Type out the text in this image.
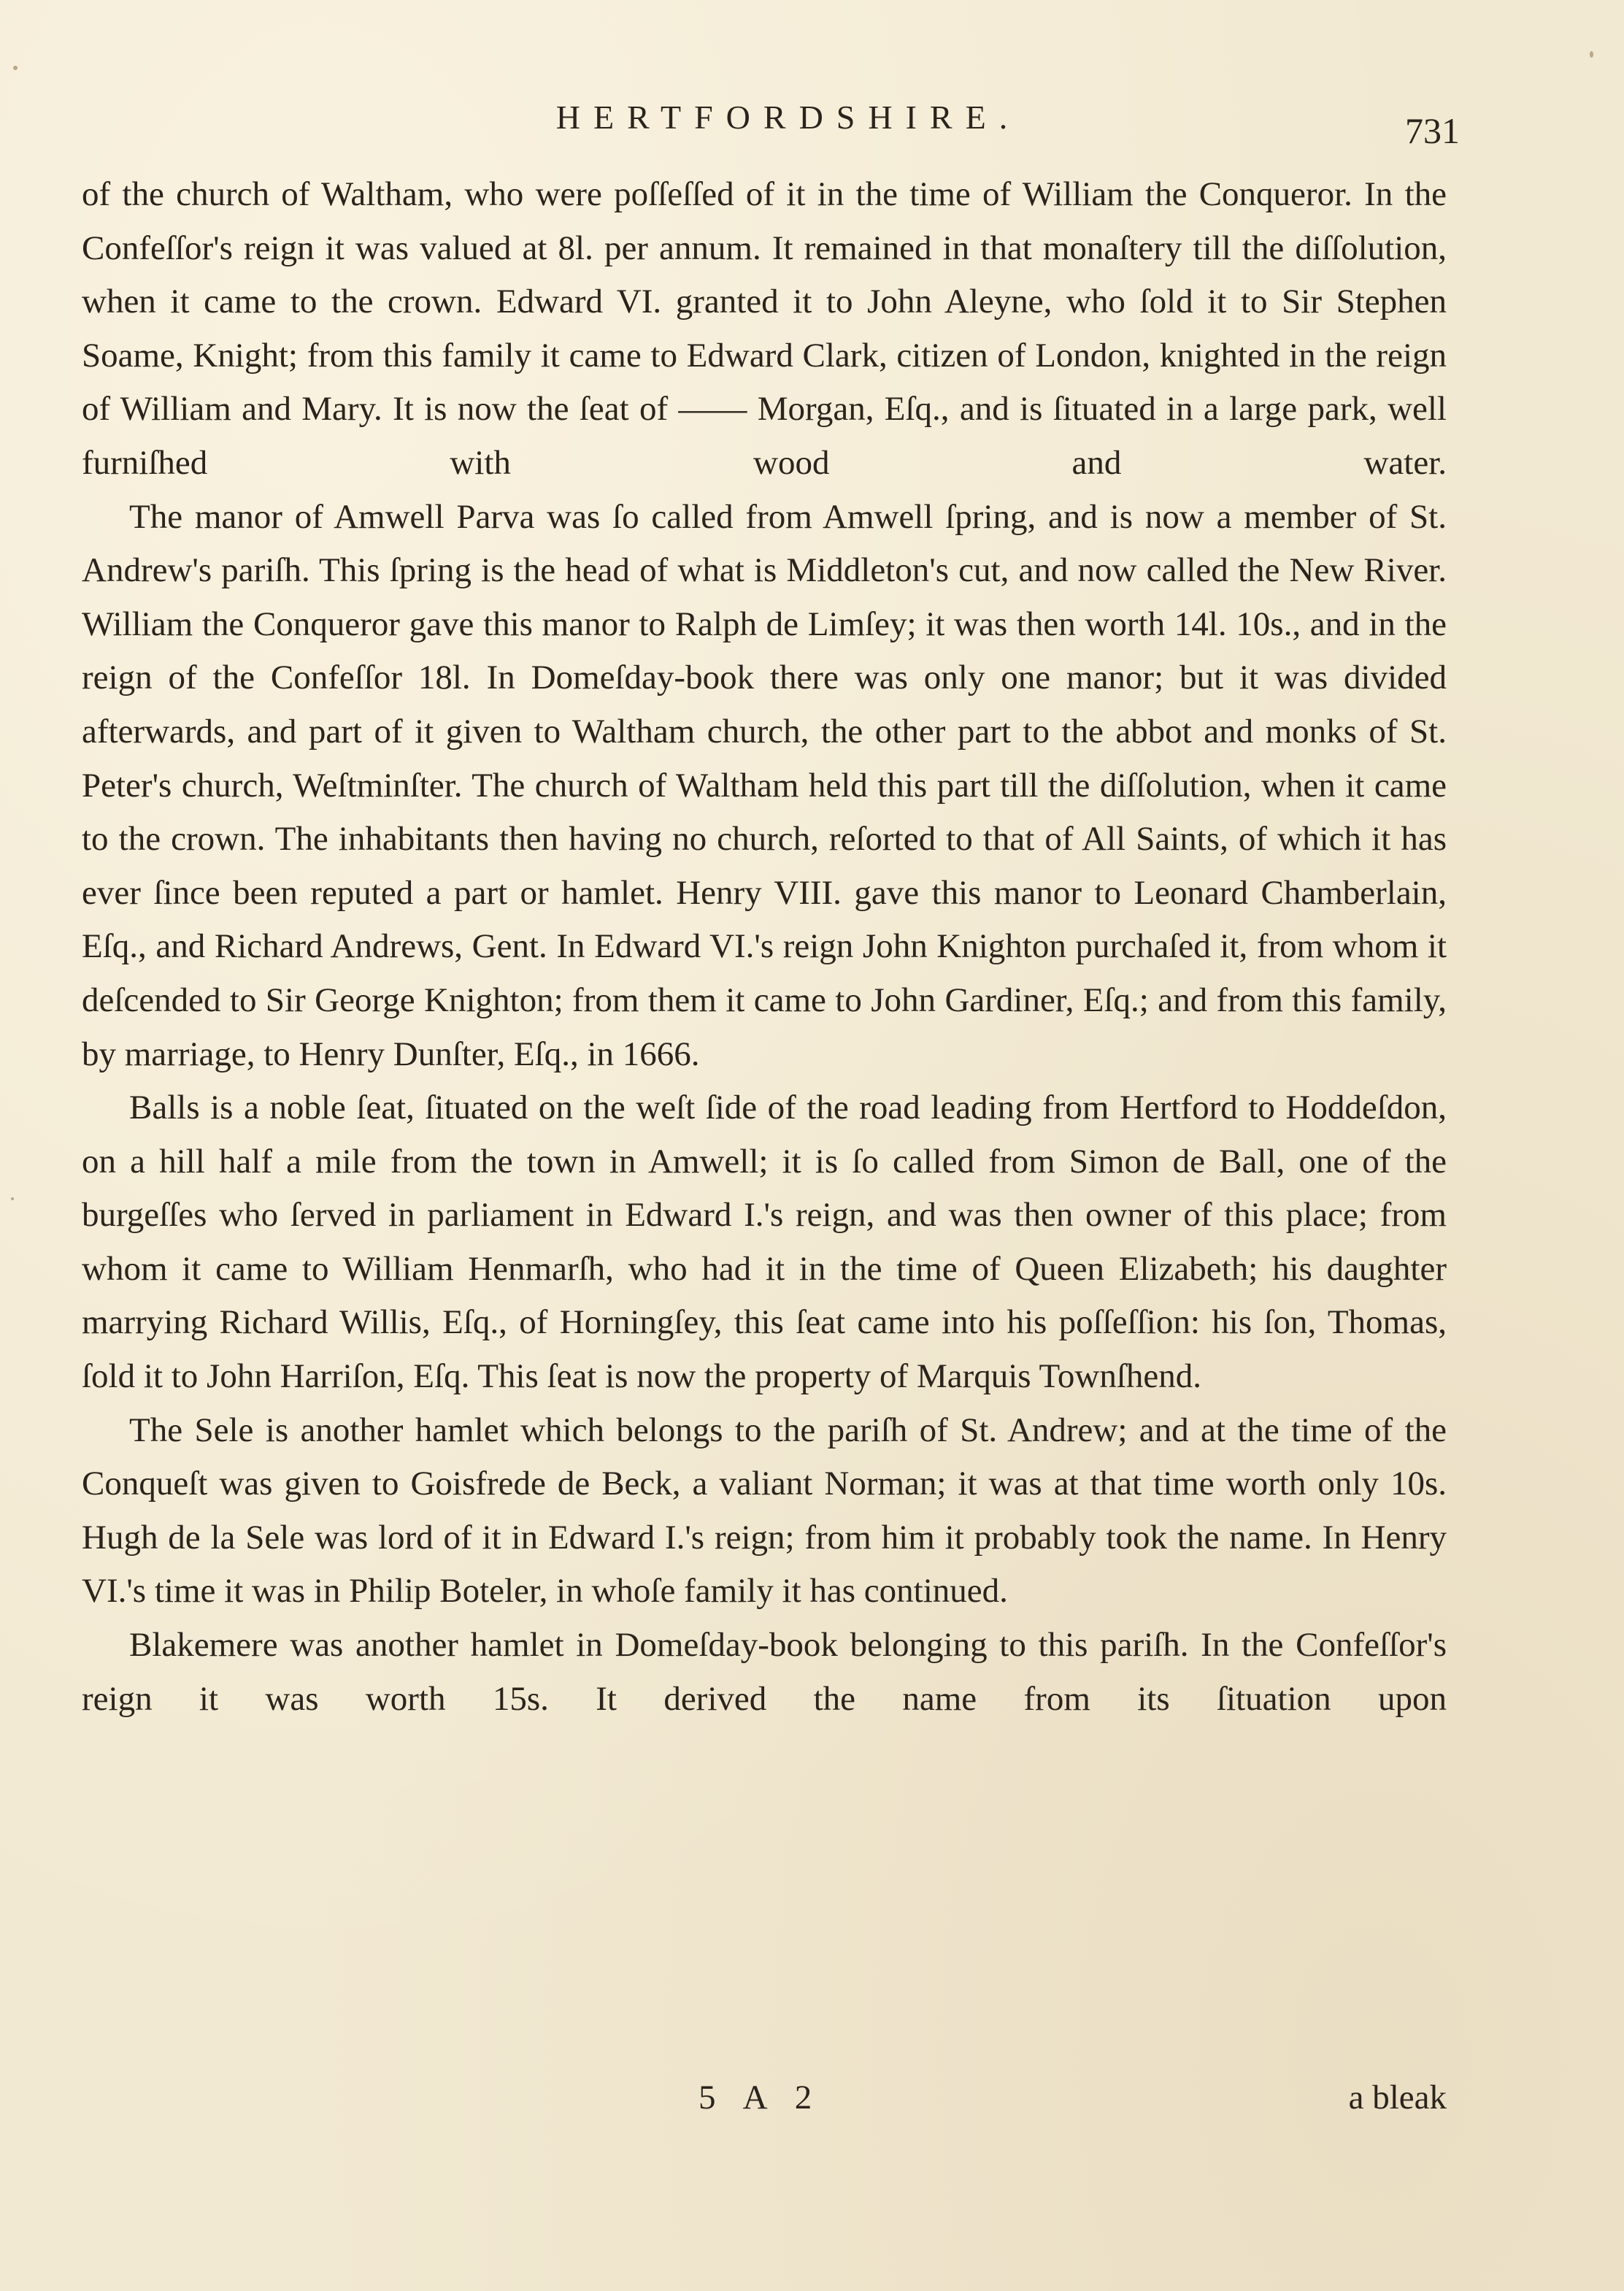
HERTFORDSHIRE.	731

of the church of Waltham, who were poſſeſſed of it in the time of William the Conqueror. In the Confeſſor's reign it was valued at 8l. per annum. It remained in that monaſtery till the diſſolution, when it came to the crown. Edward VI. granted it to John Aleyne, who ſold it to Sir Stephen Soame, Knight; from this family it came to Edward Clark, citizen of London, knighted in the reign of William and Mary. It is now the ſeat of —— Morgan, Eſq., and is ſituated in a large park, well furniſhed with wood and water.

The manor of Amwell Parva was ſo called from Amwell ſpring, and is now a member of St. Andrew's pariſh. This ſpring is the head of what is Middleton's cut, and now called the New River. William the Conqueror gave this manor to Ralph de Limſey; it was then worth 14l. 10s., and in the reign of the Confeſſor 18l. In Domeſday-book there was only one manor; but it was divided afterwards, and part of it given to Waltham church, the other part to the abbot and monks of St. Peter's church, Weſtminſter. The church of Waltham held this part till the diſſolution, when it came to the crown. The inhabitants then having no church, reſorted to that of All Saints, of which it has ever ſince been reputed a part or hamlet. Henry VIII. gave this manor to Leonard Chamberlain, Eſq., and Richard Andrews, Gent. In Edward VI.'s reign John Knighton purchaſed it, from whom it deſcended to Sir George Knighton; from them it came to John Gardiner, Eſq.; and from this family, by marriage, to Henry Dunſter, Eſq., in 1666.

Balls is a noble ſeat, ſituated on the weſt ſide of the road leading from Hertford to Hoddeſdon, on a hill half a mile from the town in Amwell; it is ſo called from Simon de Ball, one of the burgeſſes who ſerved in parliament in Edward I.'s reign, and was then owner of this place; from whom it came to William Henmarſh, who had it in the time of Queen Elizabeth; his daughter marrying Richard Willis, Eſq., of Horningſey, this ſeat came into his poſſeſſion: his ſon, Thomas, ſold it to John Harriſon, Eſq. This ſeat is now the property of Marquis Townſhend.

The Sele is another hamlet which belongs to the pariſh of St. Andrew; and at the time of the Conqueſt was given to Goisfrede de Beck, a valiant Norman; it was at that time worth only 10s. Hugh de la Sele was lord of it in Edward I.'s reign; from him it probably took the name. In Henry VI.'s time it was in Philip Boteler, in whoſe family it has continued.

Blakemere was another hamlet in Domeſday-book belonging to this pariſh. In the Confeſſor's reign it was worth 15s. It derived the name from its ſituation upon

5 A 2	a bleak
